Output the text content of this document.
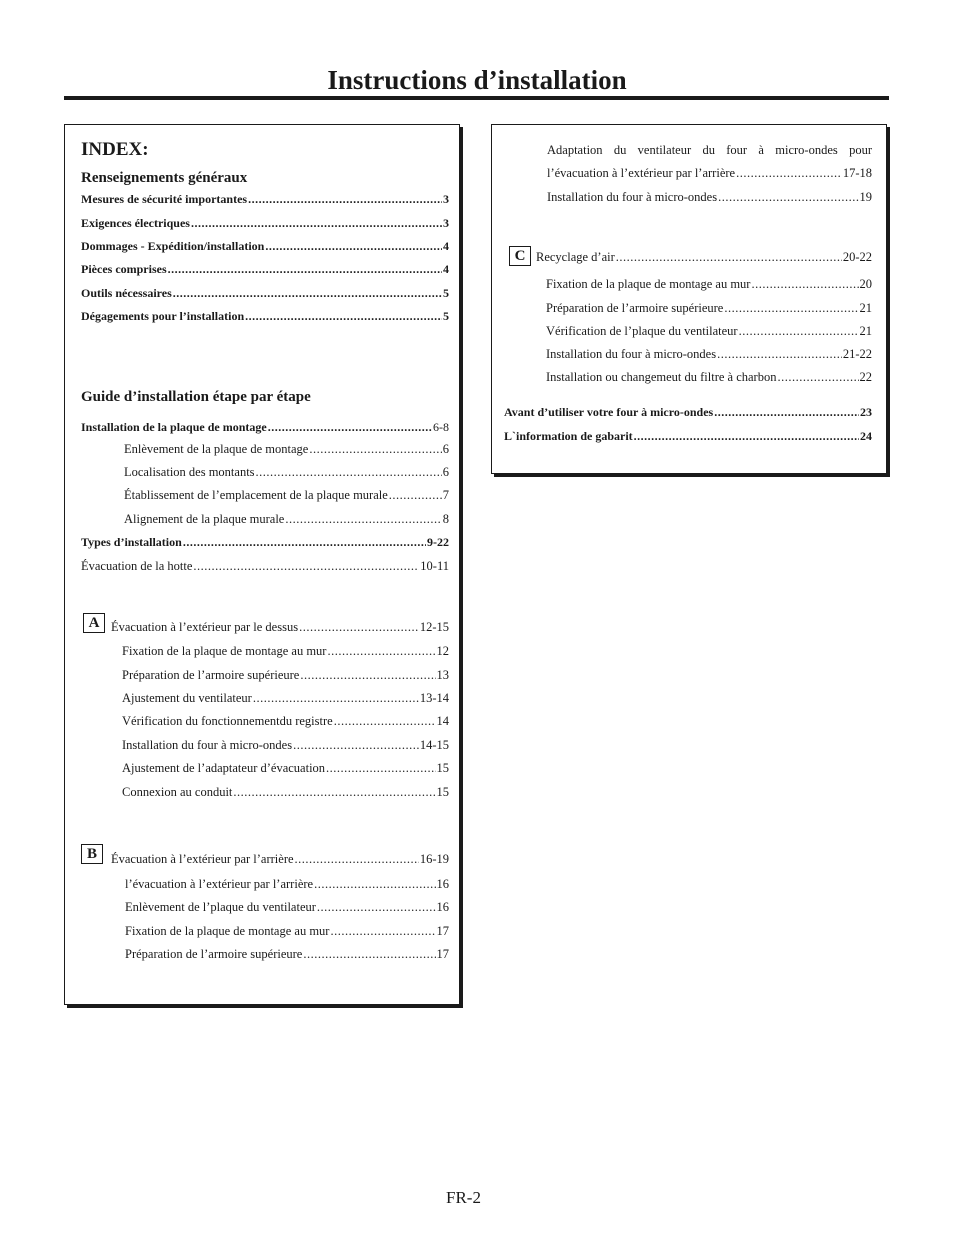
Instructions d’installation
INDEX:
Renseignements généraux
Mesures de sécurité importantes .....	3
Exigences électriques .....	3
Dommages - Expédition/installation .....	4
Pièces comprises .....	4
Outils nécessaires .....	5
Dégagements pour l’installation .....	5
Guide d’installation étape par étape
Installation de la plaque de montage .....	6-8
Enlèvement de la plaque de montage .....	6
Localisation des montants .....	6
Établissement de l’emplacement de la plaque murale .....	7
Alignement de la plaque murale .....	8
Types d’installation .....	9-22
Évacuation de la hotte .....	10-11
A Évacuation à l’extérieur par le dessus .....	12-15
Fixation de la plaque de montage au mur .....	12
Préparation de l’armoire supérieure .....	13
Ajustement du ventilateur .....	13-14
Vérification du fonctionnementdu registre .....	14
Installation du four à micro-ondes .....	14-15
Ajustement de l’adaptateur d’évacuation .....	15
Connexion au conduit .....	15
B	Évacuation à l’extérieur par l’arrière .....	16-19
l’évacuation à l’extérieur par l’arrière .....	16
Enlèvement de l’plaque du ventilateur .....	16
Fixation de la plaque de montage au mur .....	17
Préparation de l’armoire supérieure .....	17
Adaptation du ventilateur du four à micro-ondes pour
l’évacuation à l’extérieur par l’arrière .....	17-18
Installation du four à micro-ondes .....	19
C Recyclage d’air .....	20-22
Fixation de la plaque de montage au mur .....	20
Préparation de l’armoire supérieure .....	21
Vérification de l’plaque du ventilateur .....	21
Installation du four à micro-ondes .....	21-22
Installation ou changemeut du filtre à charbon .....	22
Avant d’utiliser votre four à micro-ondes .....	23
L`information de gabarit .....	24
FR-2
